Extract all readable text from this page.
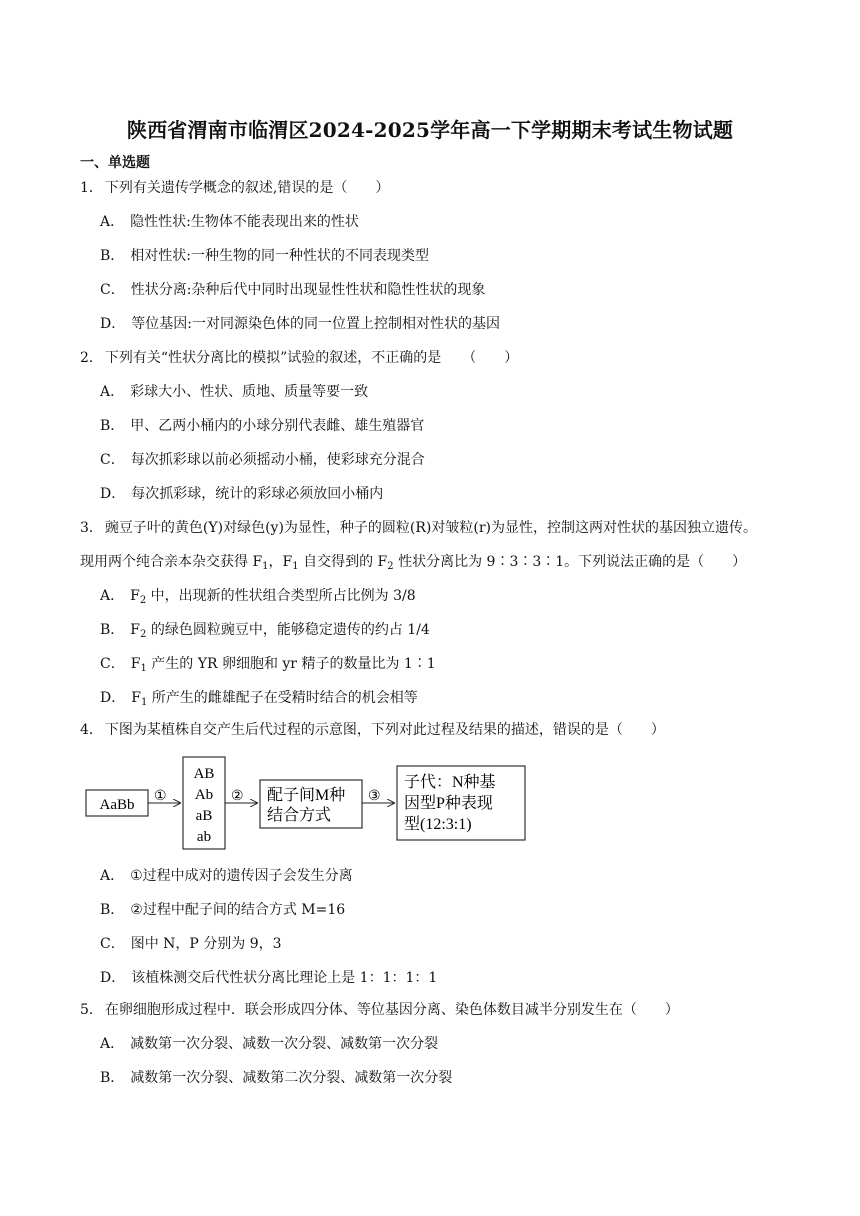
陕西省渭南市临渭区2024-2025学年高一下学期期末考试生物试题
一、单选题
1． 下列有关遗传学概念的叙述,错误的是（　　）
A． 隐性性状:生物体不能表现出来的性状
B． 相对性状:一种生物的同一种性状的不同表现类型
C． 性状分离:杂种后代中同时出现显性性状和隐性性状的现象
D． 等位基因:一对同源染色体的同一位置上控制相对性状的基因
2． 下列有关“性状分离比的模拟”试验的叙述，不正确的是　　（　　）
A． 彩球大小、性状、质地、质量等要一致
B． 甲、乙两小桶内的小球分别代表雌、雄生殖器官
C． 每次抓彩球以前必须摇动小桶，使彩球充分混合
D． 每次抓彩球，统计的彩球必须放回小桶内
3． 豌豆子叶的黄色(Y)对绿色(y)为显性，种子的圆粒(R)对皱粒(r)为显性，控制这两对性状的基因独立遗传。
现用两个纯合亲本杂交获得 $F_1$，$F_1$ 自交得到的 $F_2$ 性状分离比为 9∶3∶3∶1。下列说法正确的是（　　）
A． $F_2$ 中，出现新的性状组合类型所占比例为 3/8
B． $F_2$ 的绿色圆粒豌豆中，能够稳定遗传的约占 1/4
C． $F_1$ 产生的 YR 卵细胞和 yr 精子的数量比为 1∶1
D． $F_1$ 所产生的雌雄配子在受精时结合的机会相等
4． 下图为某植株自交产生后代过程的示意图，下列对此过程及结果的描述，错误的是（　　）
AaBb
①
AB
Ab
aB
ab
② 配子间M种
结合方式
③
子代：N种基
因型P种表现
型(12:3:1)
A． ①过程中成对的遗传因子会发生分离
B． ②过程中配子间的结合方式 M=16
C． 图中 N，P 分别为 9，3
D． 该植株测交后代性状分离比理论上是 1：1：1：1
5． 在卵细胞形成过程中．联会形成四分体、等位基因分离、染色体数目减半分别发生在（　　）
A． 减数第一次分裂、减数一次分裂、减数第一次分裂
B． 减数第一次分裂、减数第二次分裂、减数第一次分裂
